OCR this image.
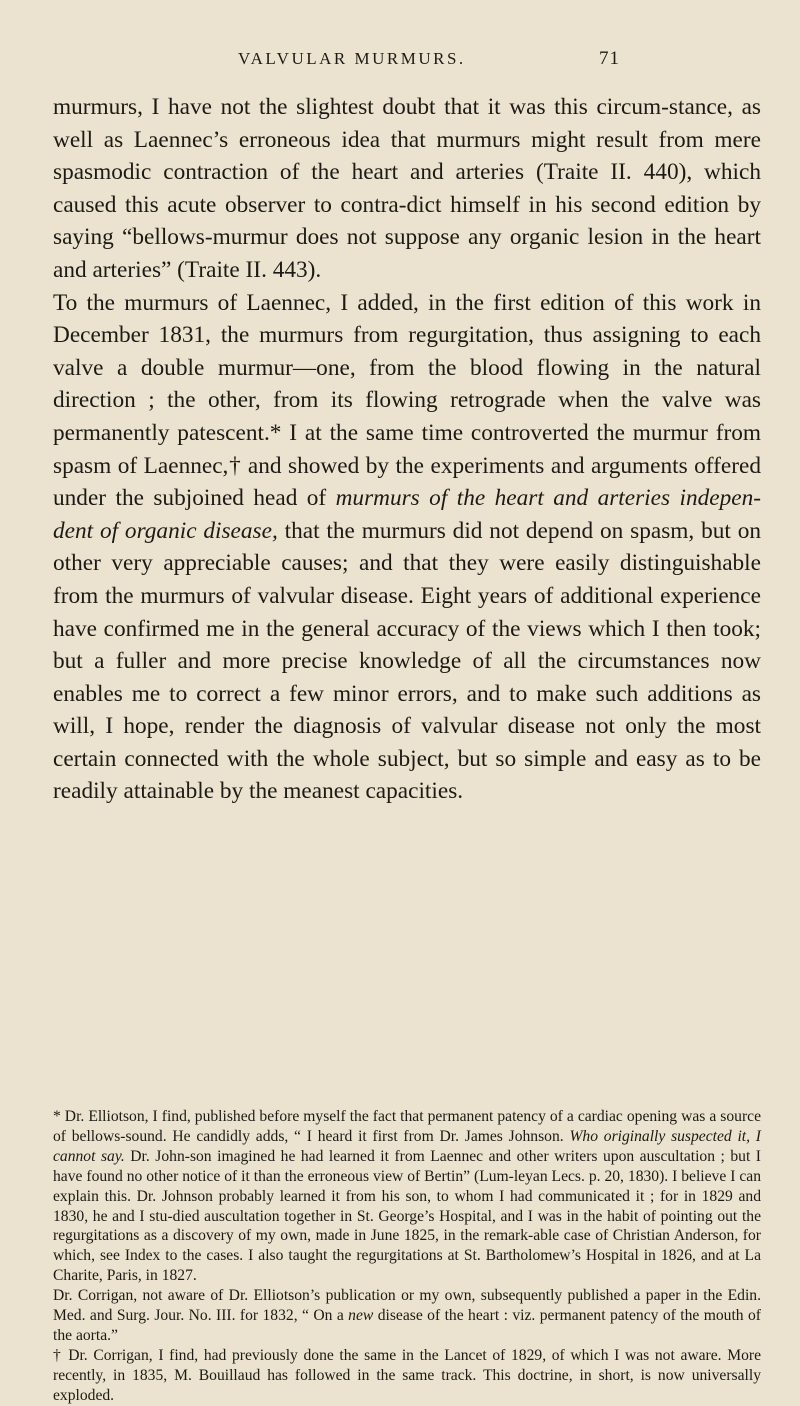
VALVULAR MURMURS.	71

murmurs, I have not the slightest doubt that it was this circum-stance, as well as Laennec’s erroneous idea that murmurs might result from mere spasmodic contraction of the heart and arteries (Traite II. 440), which caused this acute observer to contra-dict himself in his second edition by saying “bellows-murmur does not suppose any organic lesion in the heart and arteries” (Traite II. 443).

To the murmurs of Laennec, I added, in the first edition of this work in December 1831, the murmurs from regurgitation, thus assigning to each valve a double murmur—one, from the blood flowing in the natural direction ; the other, from its flowing retrograde when the valve was permanently patescent.* I at the same time controverted the murmur from spasm of Laennec,† and showed by the experiments and arguments offered under the subjoined head of murmurs of the heart and arteries indepen-dent of organic disease, that the murmurs did not depend on spasm, but on other very appreciable causes; and that they were easily distinguishable from the murmurs of valvular disease. Eight years of additional experience have confirmed me in the general accuracy of the views which I then took; but a fuller and more precise knowledge of all the circumstances now enables me to correct a few minor errors, and to make such additions as will, I hope, render the diagnosis of valvular disease not only the most certain connected with the whole subject, but so simple and easy as to be readily attainable by the meanest capacities.

* Dr. Elliotson, I find, published before myself the fact that permanent patency of a cardiac opening was a source of bellows-sound. He candidly adds, “ I heard it first from Dr. James Johnson. Who originally suspected it, I cannot say. Dr. John-son imagined he had learned it from Laennec and other writers upon auscultation ; but I have found no other notice of it than the erroneous view of Bertin” (Lum-leyan Lecs. p. 20, 1830). I believe I can explain this. Dr. Johnson probably learned it from his son, to whom I had communicated it ; for in 1829 and 1830, he and I stu-died auscultation together in St. George’s Hospital, and I was in the habit of pointing out the regurgitations as a discovery of my own, made in June 1825, in the remark-able case of Christian Anderson, for which, see Index to the cases. I also taught the regurgitations at St. Bartholomew’s Hospital in 1826, and at La Charite, Paris, in 1827.

Dr. Corrigan, not aware of Dr. Elliotson’s publication or my own, subsequently published a paper in the Edin. Med. and Surg. Jour. No. III. for 1832, “ On a new disease of the heart : viz. permanent patency of the mouth of the aorta.”

† Dr. Corrigan, I find, had previously done the same in the Lancet of 1829, of which I was not aware. More recently, in 1835, M. Bouillaud has followed in the same track. This doctrine, in short, is now universally exploded.
